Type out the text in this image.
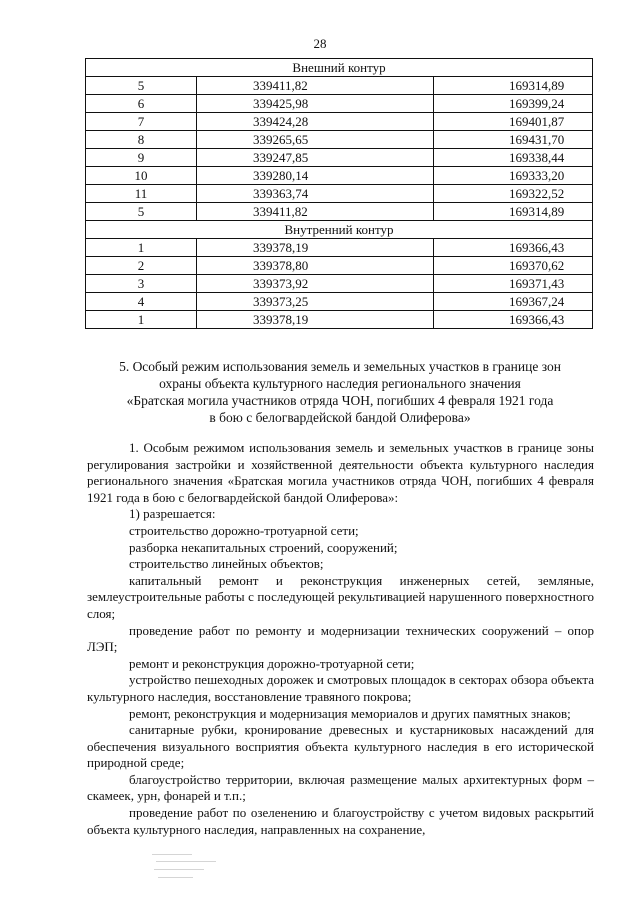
28
Внешний контур		
5	339411,82	169314,89
6	339425,98	169399,24
7	339424,28	169401,87
8	339265,65	169431,70
9	339247,85	169338,44
10	339280,14	169333,20
11	339363,74	169322,52
5	339411,82	169314,89
Внутренний контур		
1	339378,19	169366,43
2	339378,80	169370,62
3	339373,92	169371,43
4	339373,25	169367,24
1	339378,19	169366,43
5. Особый режим использования земель и земельных участков в границе зон
охраны объекта культурного наследия регионального значения
«Братская могила участников отряда ЧОН, погибших 4 февраля 1921 года
в бою с белогвардейской бандой Олиферова»

1. Особым режимом использования земель и земельных участков в границе зоны регулирования застройки и хозяйственной деятельности объекта культурного наследия регионального значения «Братская могила участников отряда ЧОН, погибших 4 февраля 1921 года в бою с белогвардейской бандой Олиферова»:

1) разрешается:

строительство дорожно-тротуарной сети;

разборка некапитальных строений, сооружений;

строительство линейных объектов;

капитальный ремонт и реконструкция инженерных сетей, земляные, землеустроительные работы с последующей рекультивацией нарушенного поверхностного слоя;

проведение работ по ремонту и модернизации технических сооружений – опор ЛЭП;

ремонт и реконструкция дорожно-тротуарной сети;

устройство пешеходных дорожек и смотровых площадок в секторах обзора объекта культурного наследия, восстановление травяного покрова;

ремонт, реконструкция и модернизация мемориалов и других памятных знаков;

санитарные рубки, кронирование древесных и кустарниковых насаждений для обеспечения визуального восприятия объекта культурного наследия в его исторической природной среде;

благоустройство территории, включая размещение малых архитектурных форм – скамеек, урн, фонарей и т.п.;

проведение работ по озеленению и благоустройству с учетом видовых раскрытий объекта культурного наследия, направленных на сохранение,
